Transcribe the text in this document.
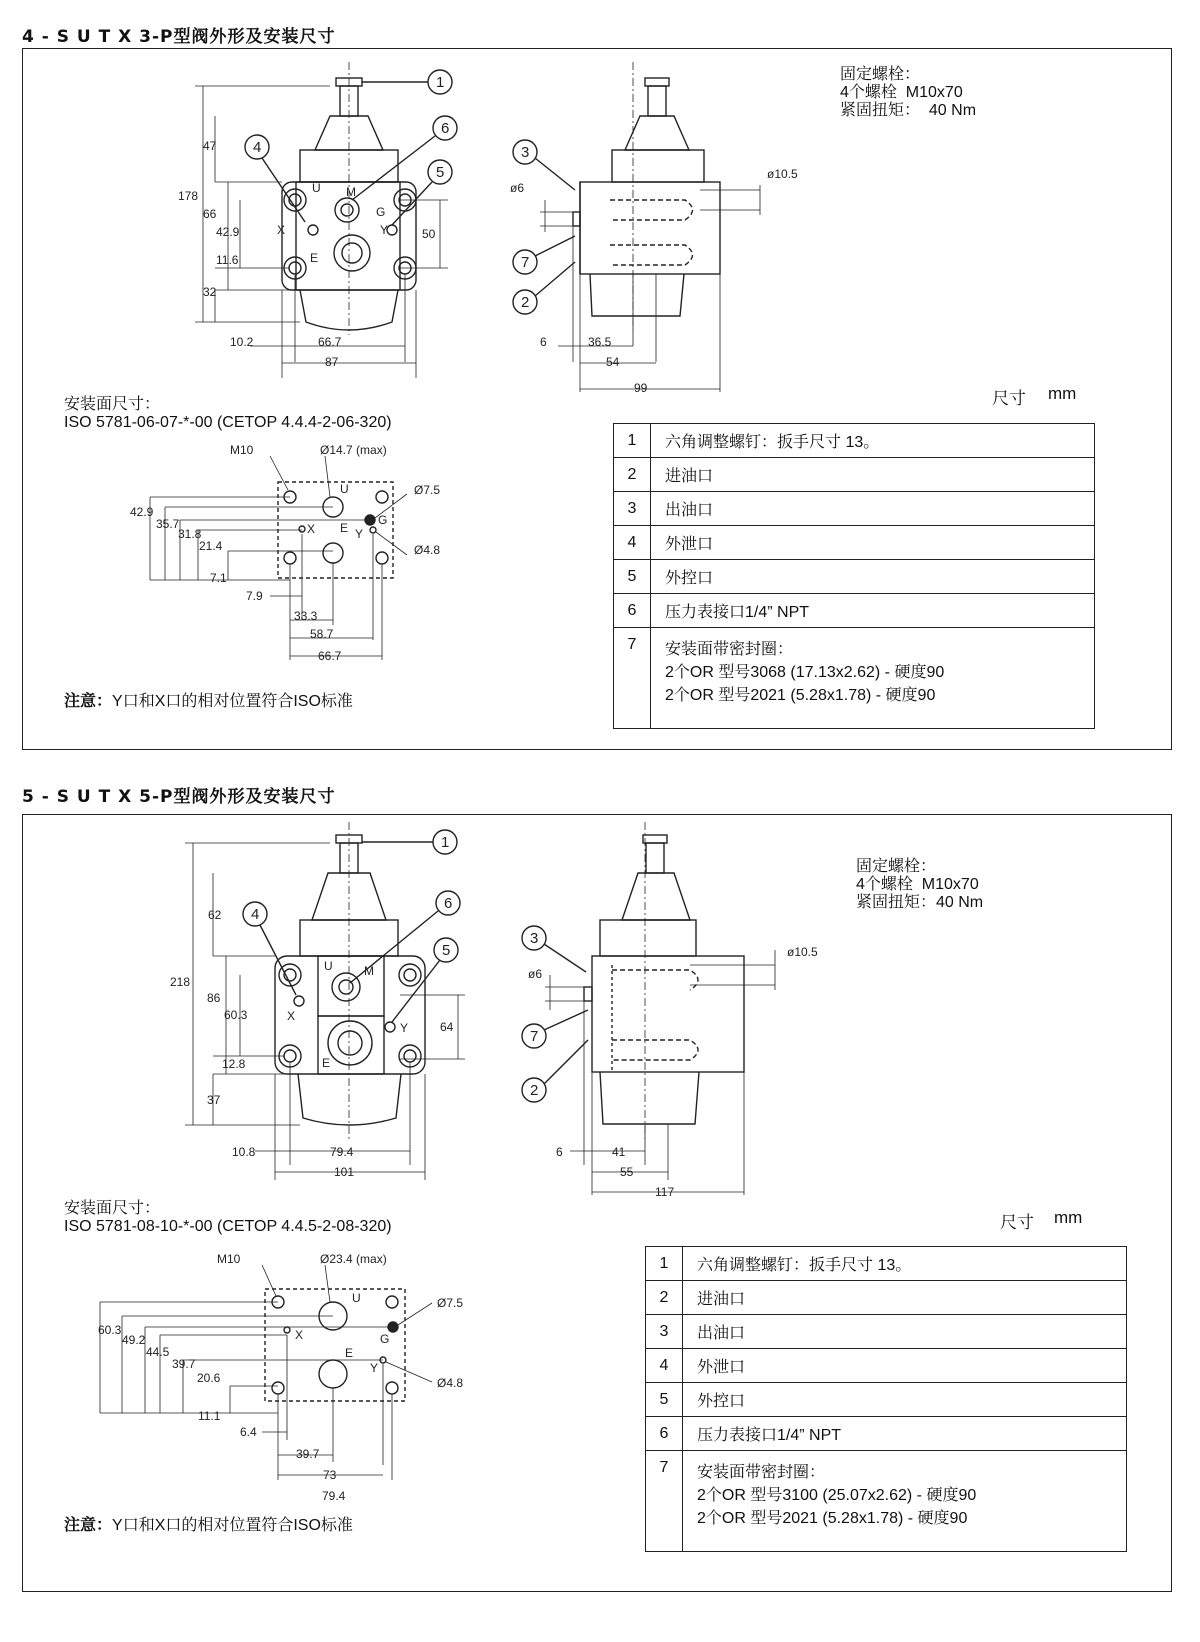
4 - S U T X 3-P型阀外形及安装尺寸
1
6
4
5
3
7
2
1
6
4
5
3
7
2
47
178
66
42.9
11.6
32
10.2	66.7
87
50
U M
X	Y
G
E
ø10.5
ø6
6	36.5
54
99
M10	Ø14.7 (max)
Ø7.5
Ø4.8
42.9
35.7
31.8
21.4
7.1
7.9
33.3
58.7
66.7
U
X	Y
G
E
62
218
86
60.3
12.8
37
10.8	79.4
101
64
U	M
X
Y
E
ø10.5
ø6
6	41
55
117
M10	Ø23.4 (max)
Ø7.5
Ø4.8
60.3
49.2
44.5
39.7
20.6
11.1
6.4
39.7
73
79.4
U
X
Y
G
E
固定螺栓：
4个螺栓  M10x70
紧固扭矩：  40 Nm
尺寸 mm
安装面尺寸：
ISO 5781-06-07-*-00 (CETOP 4.4.4-2-06-320)
注意：Y口和X口的相对位置符合ISO标准
1	六角调整螺钉：扳手尺寸 13。
2	进油口
3	出油口
4	外泄口
5	外控口
6	压力表接口1/4” NPT
7	安装面带密封圈：
2个OR 型号3068 (17.13x2.62) - 硬度90
2个OR 型号2021 (5.28x1.78) - 硬度90
5 - S U T X 5-P型阀外形及安装尺寸
固定螺栓：
4个螺栓  M10x70
紧固扭矩：40 Nm
尺寸 mm
安装面尺寸：
ISO 5781-08-10-*-00 (CETOP 4.4.5-2-08-320)
注意：Y口和X口的相对位置符合ISO标准
1	六角调整螺钉：扳手尺寸 13。
2	进油口
3	出油口
4	外泄口
5	外控口
6	压力表接口1/4” NPT
7	安装面带密封圈：
2个OR 型号3100 (25.07x2.62) - 硬度90
2个OR 型号2021 (5.28x1.78) - 硬度90
